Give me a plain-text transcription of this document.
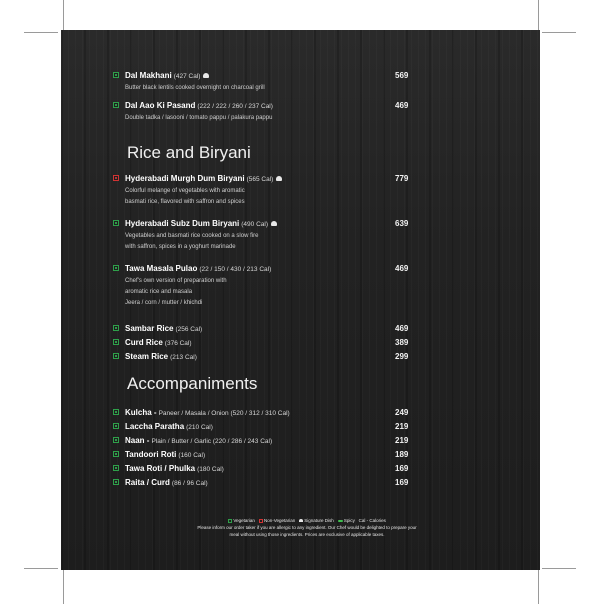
Dal Makhani (427 Cal)	569
Butter black lentils cooked overnight on charcoal grill
Dal Aao Ki Pasand (222 / 222 / 260 / 237 Cal)	469
Double tadka / lasooni / tomato pappu / palakura pappu
Rice and Biryani
Hyderabadi Murgh Dum Biryani (565 Cal)	779
Colorful melange of vegetables with aromatic
basmati rice, flavored with saffron and spices
Hyderabadi Subz Dum Biryani (490 Cal)	639
Vegetables and basmati rice cooked on a slow fire
with saffron, spices in a yoghurt marinade
Tawa Masala Pulao (22 / 150 / 430 / 213 Cal)	469
Chef's own version of preparation with
aromatic rice and masala
Jeera / corn / mutter / khichdi
Sambar Rice (256 Cal)	469
Curd Rice (376 Cal)	389
Steam Rice (213 Cal)	299
Accompaniments
Kulcha - Paneer / Masala / Onion (520 / 312 / 310 Cal)	249
Laccha Paratha (210 Cal)	219
Naan - Plain / Butter / Garlic (220 / 286 / 243 Cal)	219
Tandoori Roti (160 Cal)	189
Tawa Roti / Phulka (180 Cal)	169
Raita / Curd (86 / 96 Cal)	169
Vegetarian Non-Vegetarian Signature Dish Spicy Cal - Calories
Please inform our order taker if you are allergic to any ingredient. Our Chef would be delighted to prepare your
meal without using those ingredients. Prices are exclusive of applicable taxes.
